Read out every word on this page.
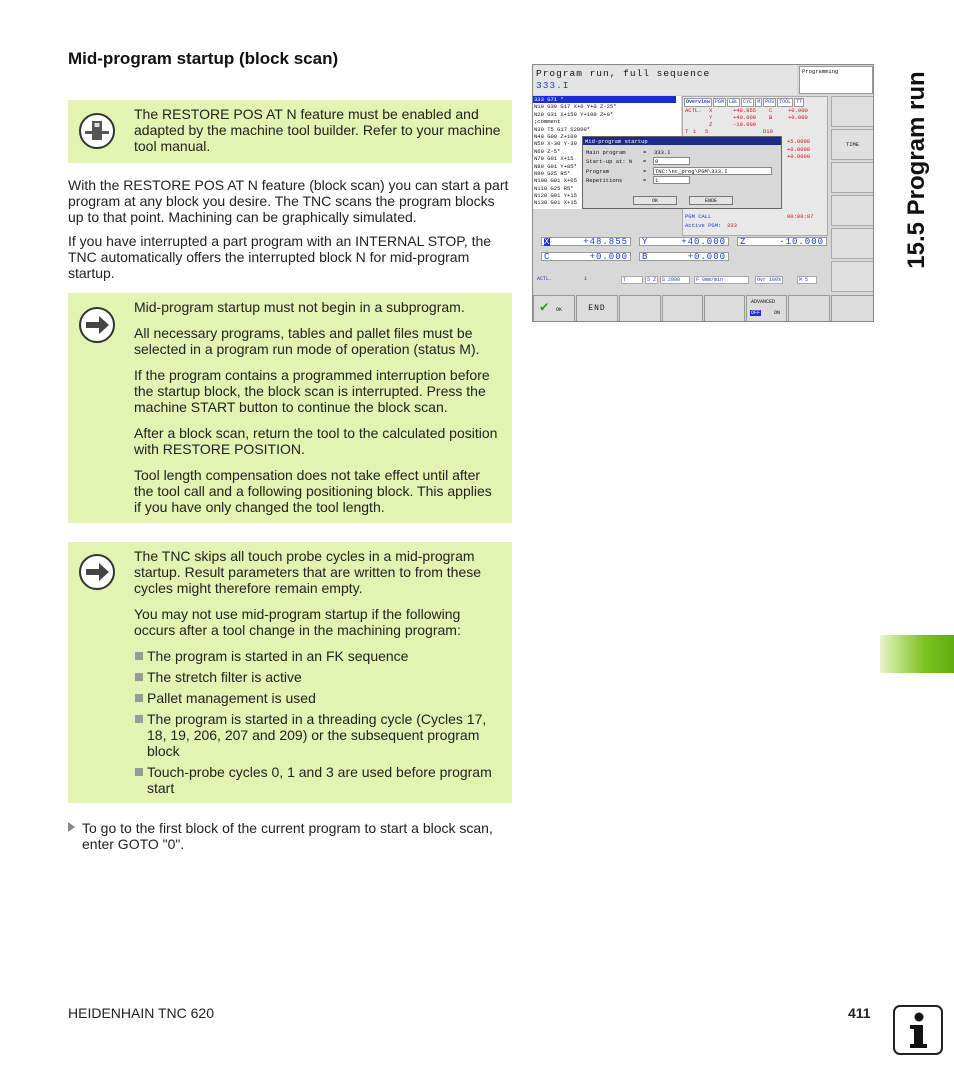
Mid-program startup (block scan)
The RESTORE POS AT N feature must be enabled and adapted by the machine tool builder. Refer to your machine tool manual.
With the RESTORE POS AT N feature (block scan) you can start a part program at any block you desire. The TNC scans the program blocks up to that point. Machining can be graphically simulated.
If you have interrupted a part program with an INTERNAL STOP, the TNC automatically offers the interrupted block N for mid-program startup.

Mid-program startup must not begin in a subprogram.

All necessary programs, tables and pallet files must be selected in a program run mode of operation (status M).

If the program contains a programmed interruption before the startup block, the block scan is interrupted. Press the machine START button to continue the block scan.

After a block scan, return the tool to the calculated position with RESTORE POSITION.

Tool length compensation does not take effect until after the tool call and a following positioning block. This applies if you have only changed the tool length.

The TNC skips all touch probe cycles in a mid-program startup. Result parameters that are written to from these cycles might therefore remain empty.

You may not use mid-program startup if the following occurs after a tool change in the machining program:

The program is started in an FK sequence
The stretch filter is active
Pallet management is used
The program is started in a threading cycle (Cycles 17, 18, 19, 206, 207 and 209) or the subsequent program block
Touch-probe cycles 0, 1 and 3 are used before program start
To go to the first block of the current program to start a block scan, enter GOTO "0".
15.5 Program run
Program run, full sequence
333.I
Programming
333 G71 *
N10 G30 G17 X+0 Y+0 Z-25*
N20 G31 X+150 Y+100 Z+0*
;comment
N30 T5 G17 S2000*
N40 G00 Z+100
N50 X-30 Y-30
N60 Z-5*
N70 G01 X+15
N80 G01 Y+85*
N90 G25 R5*
N100 G01 X+05
N110 G25 R5*
N120 G01 Y+15
N130 G01 X+15
Overview	PGM	LBL	CYC	M	POS	TOOL	TT
ACTL. X	+48.855 C	+0.000
Y	+40.000 B	+0.000
Z	-10.000
T 1 5	D10
+5.0000
+0.0000
+0.0000
PGM CALL	00:00:07
Active PGM: 333
TIME
Mid-program startup
Main program	= 333.I
Start-up at: N =	0
Program	=	TNC:\nc_prog\PGM\333.I
Repetitions	=	1
OK	ENDE
X	+48.855 Y	+40.000 Z	-10.000
C	+0.000 B	+0.000
ACTL.	1	T	5 Z	S 2000	F 0mm/min	Ovr 100%	M 5
✔ OK	END
ADVANCED
OFF	ON
HEIDENHAIN TNC 620	411
